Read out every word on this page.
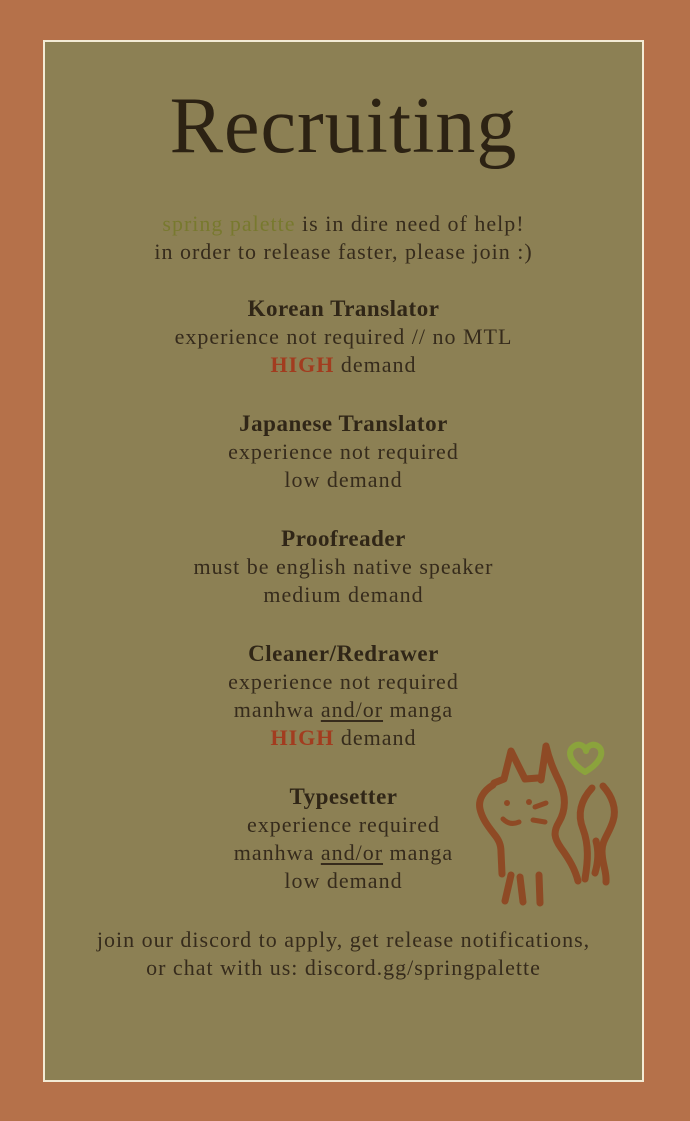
Recruiting

spring palette is in dire need of help!
in order to release faster, please join :)

Korean Translator

experience not required // no MTL

HIGH demand

Japanese Translator

experience not required

low demand

Proofreader

must be english native speaker

medium demand

Cleaner/Redrawer

experience not required

manhwa and/or manga

HIGH demand

Typesetter

experience required

manhwa and/or manga

low demand

join our discord to apply, get release notifications,
or chat with us: discord.gg/springpalette
